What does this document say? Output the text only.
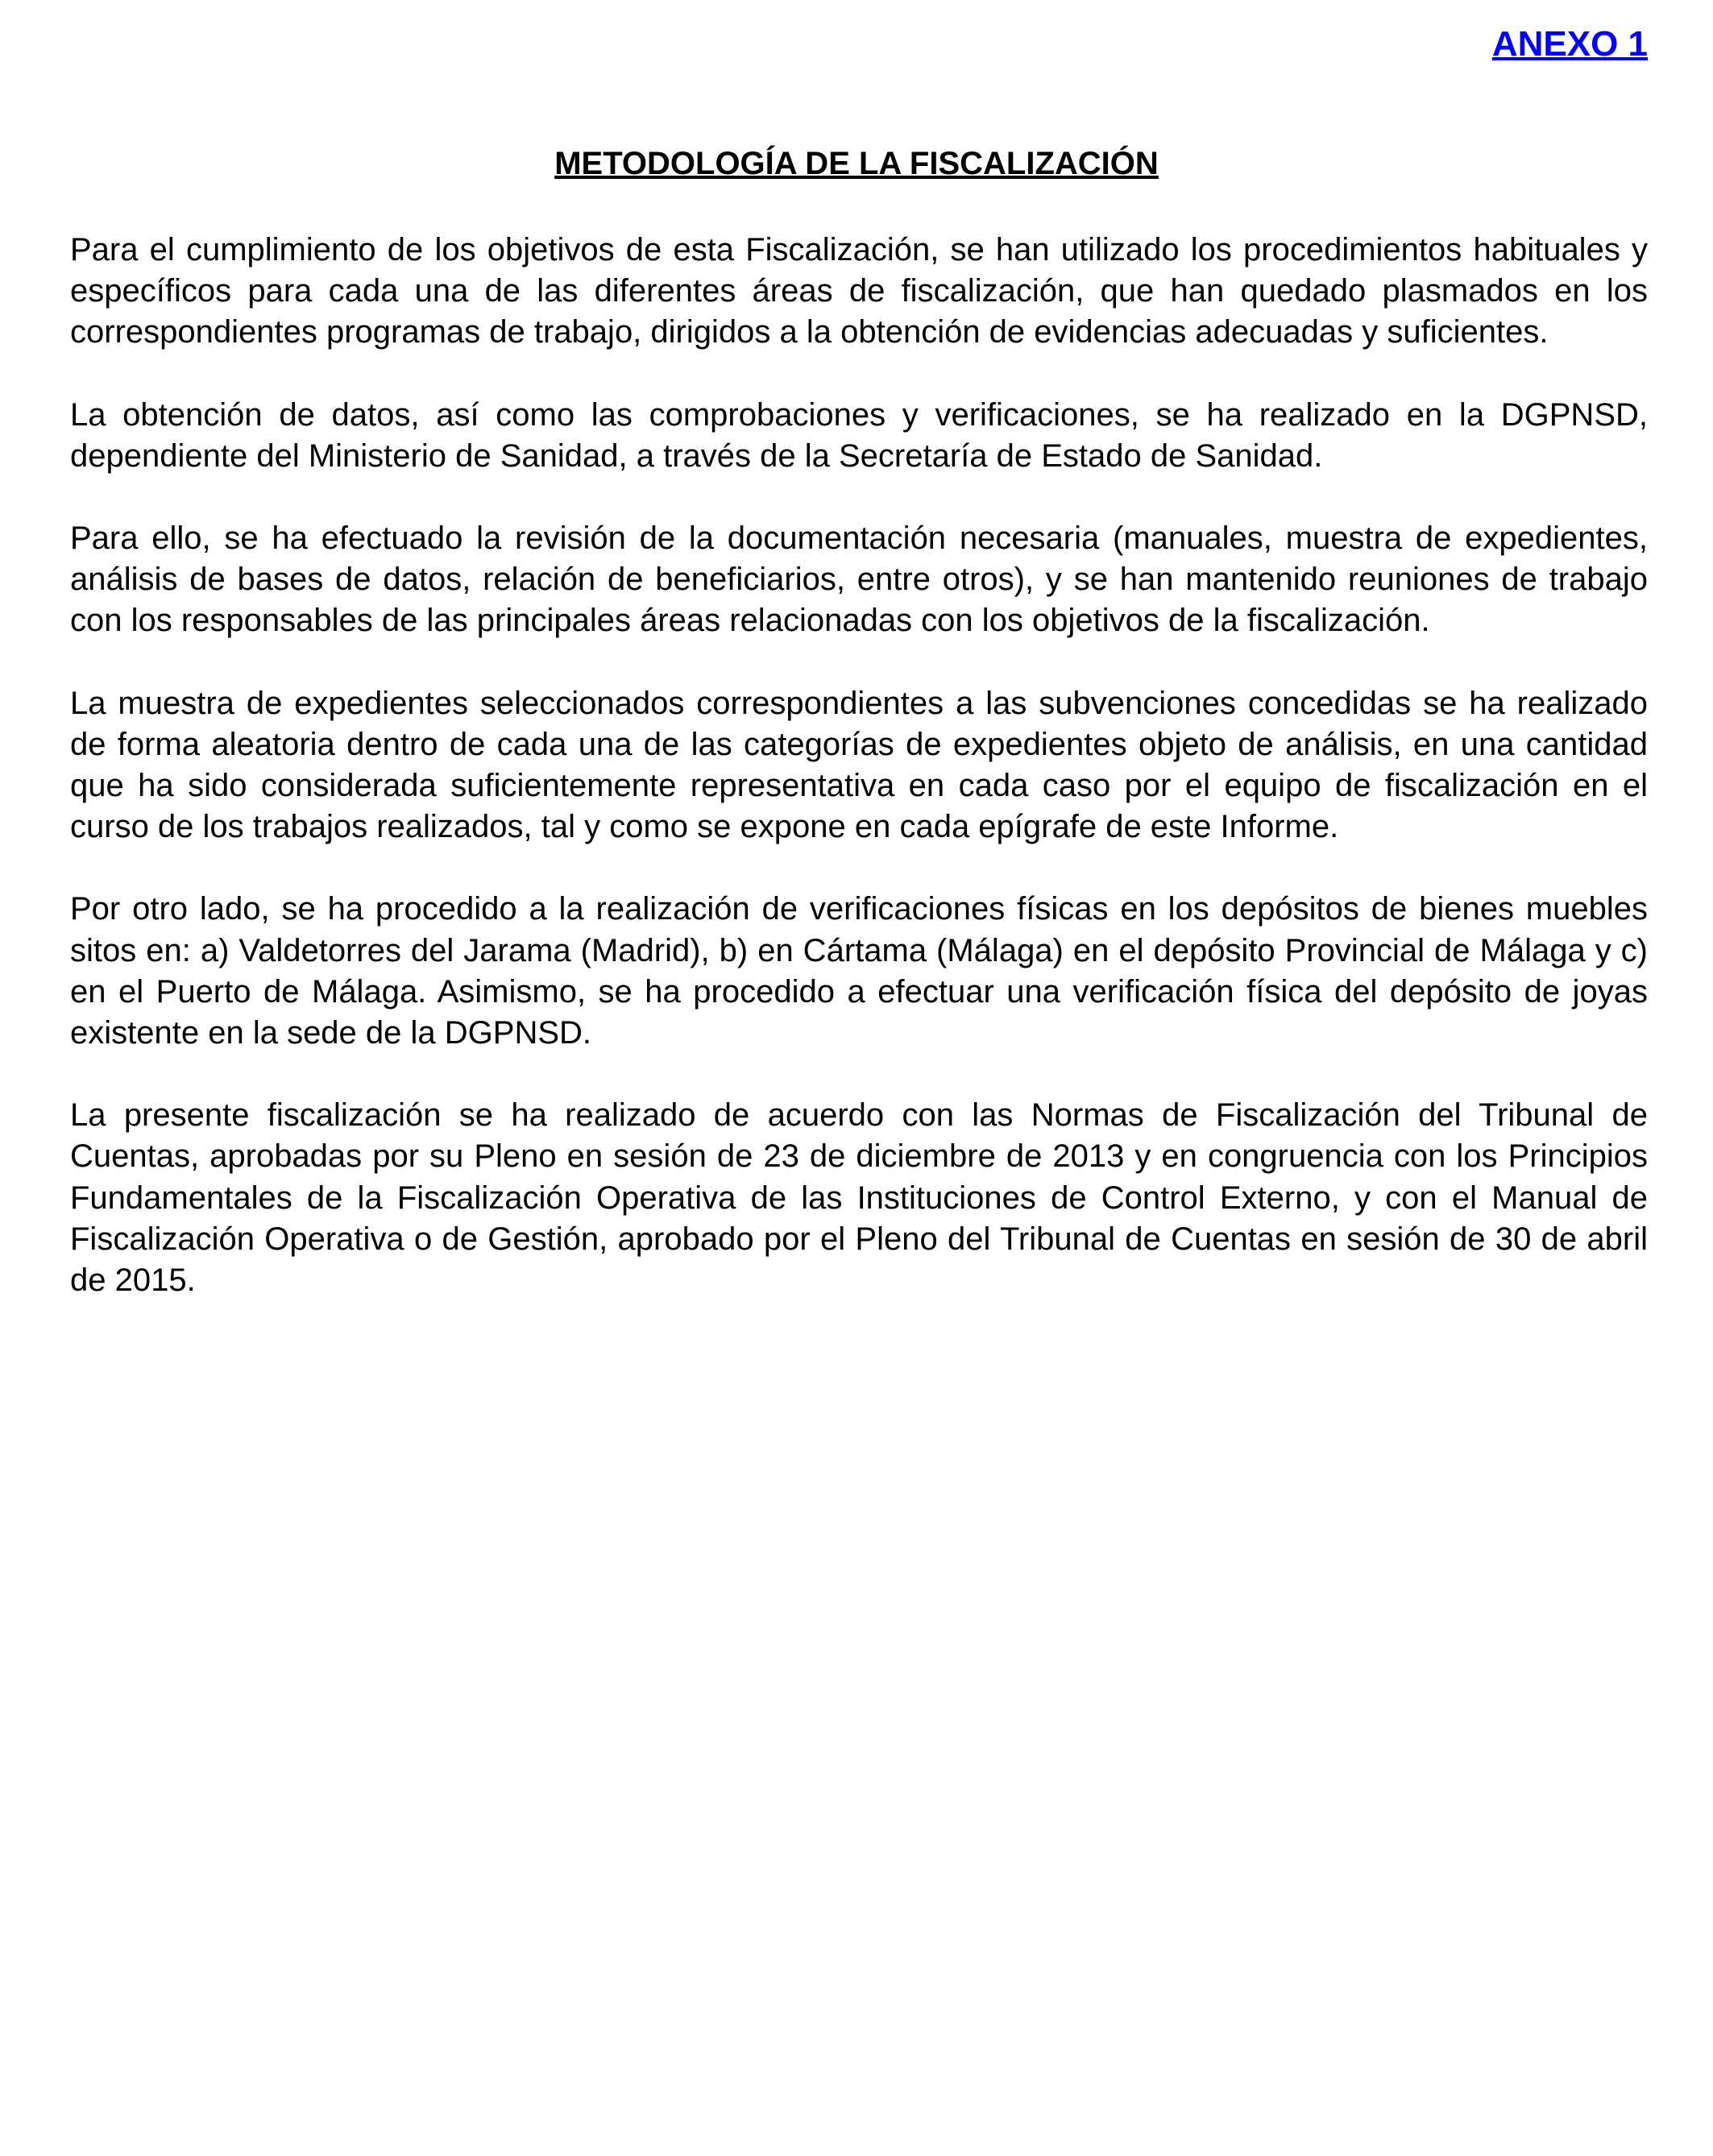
ANEXO 1
METODOLOGÍA DE LA FISCALIZACIÓN

Para el cumplimiento de los objetivos de esta Fiscalización, se han utilizado los procedimientos habituales y específicos para cada una de las diferentes áreas de fiscalización, que han quedado plasmados en los correspondientes programas de trabajo, dirigidos a la obtención de evidencias adecuadas y suficientes.

La obtención de datos, así como las comprobaciones y verificaciones, se ha realizado en la DGPNSD, dependiente del Ministerio de Sanidad, a través de la Secretaría de Estado de Sanidad.

Para ello, se ha efectuado la revisión de la documentación necesaria (manuales, muestra de expedientes, análisis de bases de datos, relación de beneficiarios, entre otros), y se han mantenido reuniones de trabajo con los responsables de las principales áreas relacionadas con los objetivos de la fiscalización.

La muestra de expedientes seleccionados correspondientes a las subvenciones concedidas se ha realizado de forma aleatoria dentro de cada una de las categorías de expedientes objeto de análisis, en una cantidad que ha sido considerada suficientemente representativa en cada caso por el equipo de fiscalización en el curso de los trabajos realizados, tal y como se expone en cada epígrafe de este Informe.

Por otro lado, se ha procedido a la realización de verificaciones físicas en los depósitos de bienes muebles sitos en: a) Valdetorres del Jarama (Madrid), b) en Cártama (Málaga) en el depósito Provincial de Málaga y c) en el Puerto de Málaga. Asimismo, se ha procedido a efectuar una verificación física del depósito de joyas existente en la sede de la DGPNSD.

La presente fiscalización se ha realizado de acuerdo con las Normas de Fiscalización del Tribunal de Cuentas, aprobadas por su Pleno en sesión de 23 de diciembre de 2013 y en congruencia con los Principios Fundamentales de la Fiscalización Operativa de las Instituciones de Control Externo, y con el Manual de Fiscalización Operativa o de Gestión, aprobado por el Pleno del Tribunal de Cuentas en sesión de 30 de abril de 2015.
